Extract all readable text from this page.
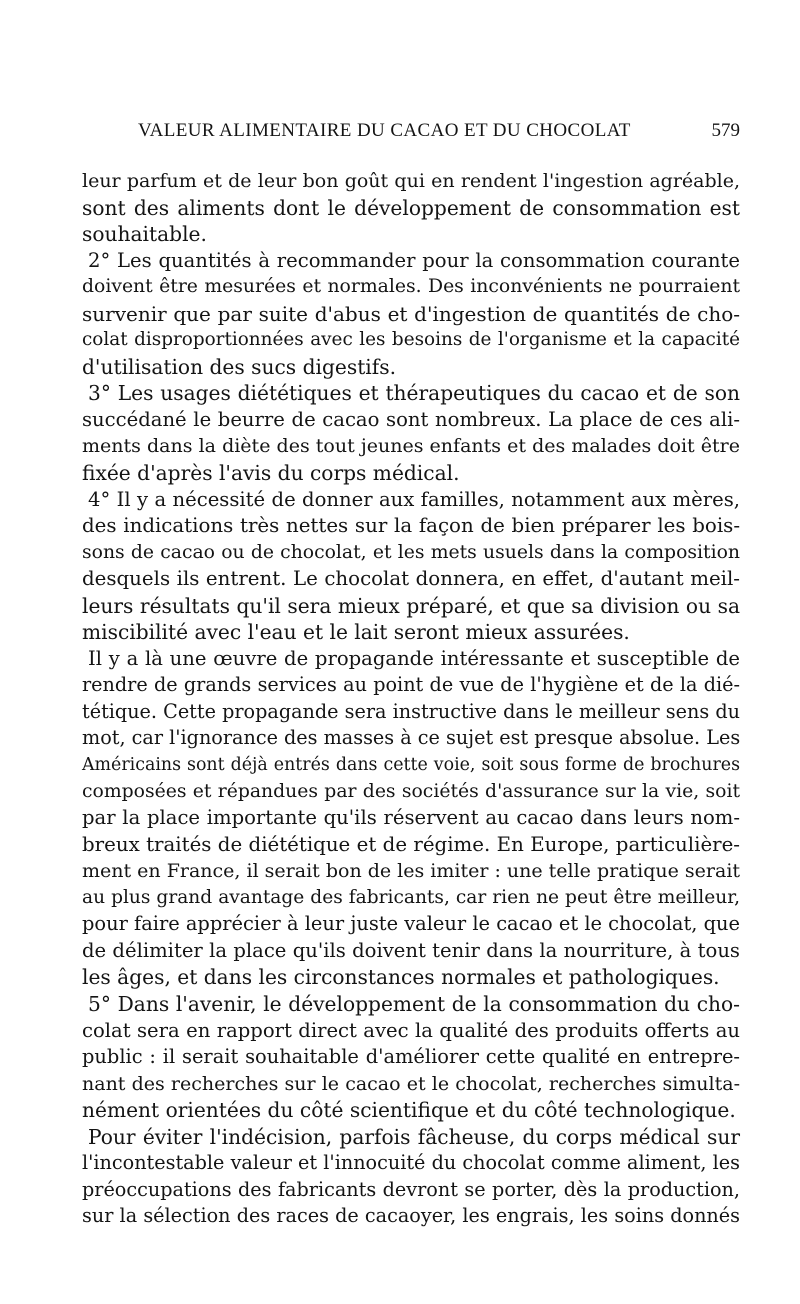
VALEUR ALIMENTAIRE DU CACAO ET DU CHOCOLAT	579
leur parfum et de leur bon goût qui en rendent l'ingestion agréable,
sont des aliments dont le développement de consommation est
souhaitable.
2° Les quantités à recommander pour la consommation courante
doivent être mesurées et normales. Des inconvénients ne pourraient
survenir que par suite d'abus et d'ingestion de quantités de cho-
colat disproportionnées avec les besoins de l'organisme et la capacité
d'utilisation des sucs digestifs.
3° Les usages diététiques et thérapeutiques du cacao et de son
succédané le beurre de cacao sont nombreux. La place de ces ali-
ments dans la diète des tout jeunes enfants et des malades doit être
fixée d'après l'avis du corps médical.
4° Il y a nécessité de donner aux familles, notamment aux mères,
des indications très nettes sur la façon de bien préparer les bois-
sons de cacao ou de chocolat, et les mets usuels dans la composition
desquels ils entrent. Le chocolat donnera, en effet, d'autant meil-
leurs résultats qu'il sera mieux préparé, et que sa division ou sa
miscibilité avec l'eau et le lait seront mieux assurées.
Il y a là une œuvre de propagande intéressante et susceptible de
rendre de grands services au point de vue de l'hygiène et de la dié-
tétique. Cette propagande sera instructive dans le meilleur sens du
mot, car l'ignorance des masses à ce sujet est presque absolue. Les
Américains sont déjà entrés dans cette voie, soit sous forme de brochures
composées et répandues par des sociétés d'assurance sur la vie, soit
par la place importante qu'ils réservent au cacao dans leurs nom-
breux traités de diététique et de régime. En Europe, particulière-
ment en France, il serait bon de les imiter : une telle pratique serait
au plus grand avantage des fabricants, car rien ne peut être meilleur,
pour faire apprécier à leur juste valeur le cacao et le chocolat, que
de délimiter la place qu'ils doivent tenir dans la nourriture, à tous
les âges, et dans les circonstances normales et pathologiques.
5° Dans l'avenir, le développement de la consommation du cho-
colat sera en rapport direct avec la qualité des produits offerts au
public : il serait souhaitable d'améliorer cette qualité en entrepre-
nant des recherches sur le cacao et le chocolat, recherches simulta-
nément orientées du côté scientifique et du côté technologique.
Pour éviter l'indécision, parfois fâcheuse, du corps médical sur
l'incontestable valeur et l'innocuité du chocolat comme aliment, les
préoccupations des fabricants devront se porter, dès la production,
sur la sélection des races de cacaoyer, les engrais, les soins donnés
